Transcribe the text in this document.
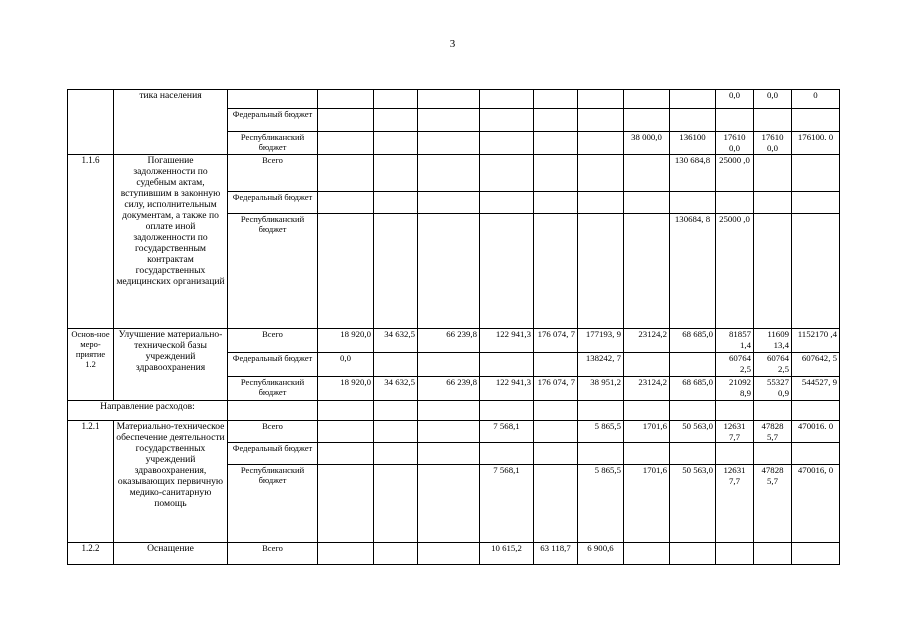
3
	тика населения										0,0	0,0	0
		Федеральный бюджет											
		Республиканский бюджет							38 000,0	136100	17610 0,0	17610 0,0	176100. 0
1.1.6	Погашение задолженности по судебным актам, вступившим в законную силу, исполнительным документам, а также по оплате иной задолженности по государственным контрактам государственных медицинских организаций	Всего								130 684,8	25000 ,0		
		Федеральный бюджет											
		Республиканский бюджет								130684, 8	25000 ,0		
Основ-ное меро-приятие 1.2	Улучшение материально-технической базы учреждений здравоохранения	Всего	18 920,0	34 632,5	66 239,8	122 941,3	176 074, 7	177193, 9	23124,2	68 685,0	81857 1,4	11609 13,4	1152170 ,4
		Федеральный бюджет	0,0					138242, 7			60764 2,5	60764 2,5	607642, 5
		Республиканский бюджет	18 920,0	34 632,5	66 239,8	122 941,3	176 074, 7	38 951,2	23124,2	68 685,0	21092 8,9	55327 0,9	544527, 9
Направление расходов:													
1.2.1	Материально-техническое обеспечение деятельности государственных учреждений здравоохранения, оказывающих первичную медико-санитарную помощь	Всего				7 568,1		5 865,5	1701,6	50 563,0	12631 7,7	47828 5,7	470016. 0
		Федеральный бюджет											
		Республиканский бюджет				7 568,1		5 865,5	1701,6	50 563,0	12631 7,7	47828 5,7	470016, 0
1.2.2	Оснащение	Всего				10 615,2	63 118,7	6 900,6					
